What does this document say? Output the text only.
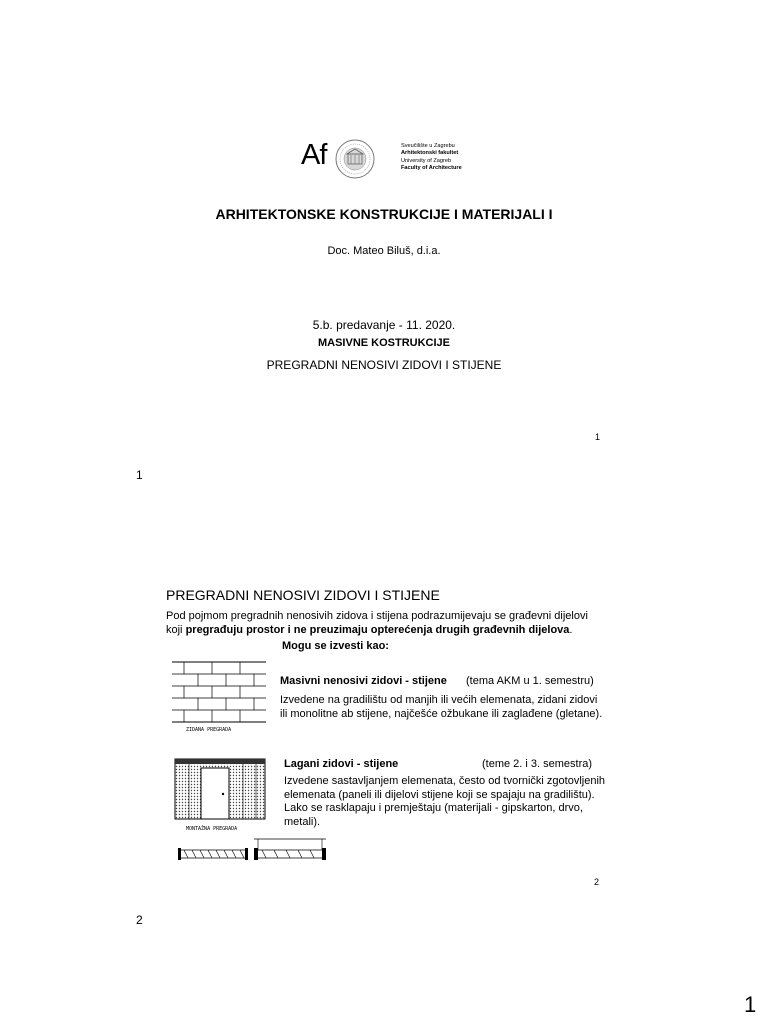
Af	Sveučilište u Zagrebu
Arhitektonski fakultet
University of Zagreb
Faculty of Architecture
ARHITEKTONSKE KONSTRUKCIJE I MATERIJALI I
Doc. Mateo Biluš, d.i.a.
5.b. predavanje - 11. 2020.
MASIVNE KOSTRUKCIJE
PREGRADNI NENOSIVI ZIDOVI I STIJENE
1
1
PREGRADNI NENOSIVI ZIDOVI I STIJENE
Pod pojmom pregradnih nenosivih zidova i stijena podrazumijevaju se građevni dijelovi
koji pregrađuju prostor i ne preuzimaju opterećenja drugih građevnih dijelova.
Mogu se izvesti kao:
ZIDANA PREGRADA
Masivni nenosivi zidovi - stijene (tema AKM u 1. semestru)
Izvedene na gradilištu od manjih ili većih elemenata, zidani zidovi
ili monolitne ab stijene, najčešće ožbukane ili zaglađene (gletane).
MONTAŽNA PREGRADA
Lagani zidovi - stijene	(teme 2. i 3. semestra)
Izvedene sastavljanjem elemenata, često od tvornički zgotovljenih
elemenata (paneli ili dijelovi stijene koji se spajaju na gradilištu).
Lako se rasklapaju i premještaju (materijali - gipskarton, drvo,
metali).
2
2
1
